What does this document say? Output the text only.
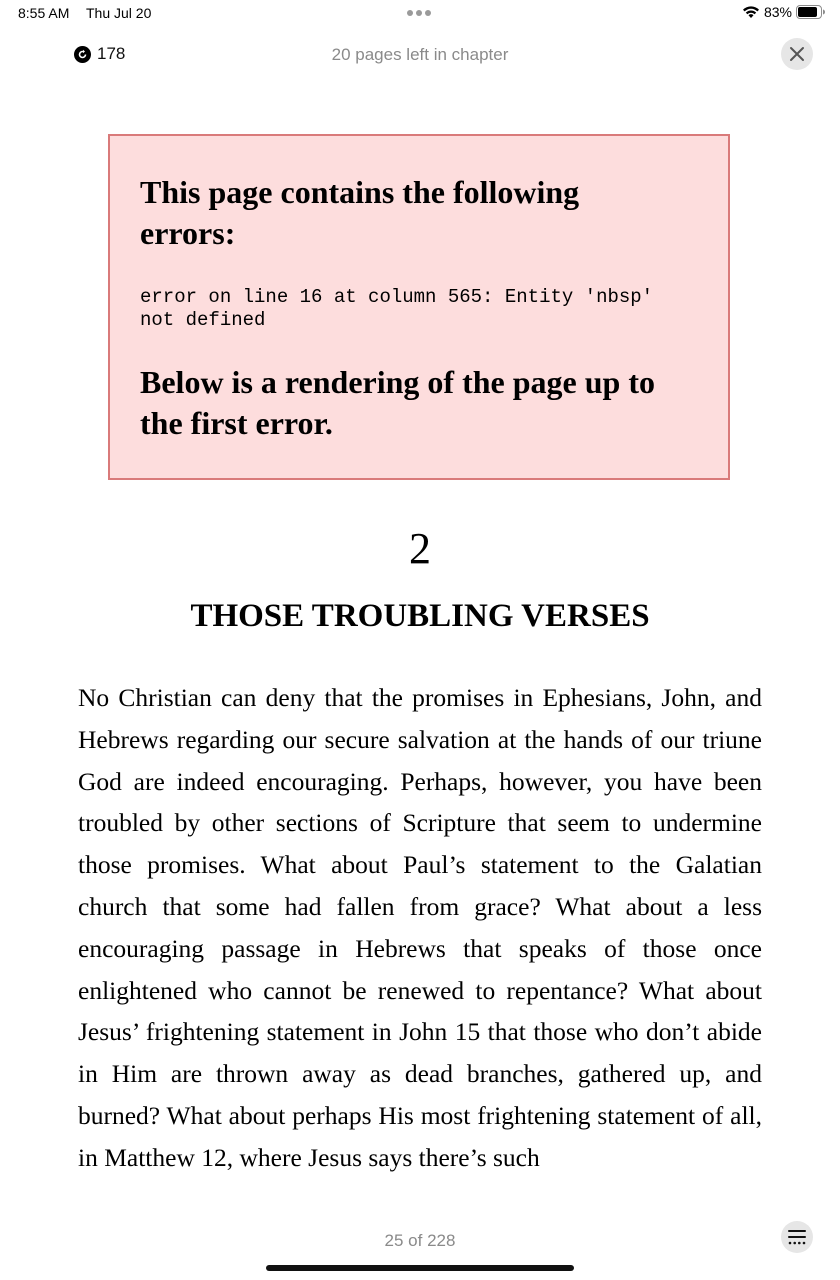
8:55 AM Thu Jul 20	83%
178	20 pages left in chapter
This page contains the following errors:
error on line 16 at column 565: Entity 'nbsp' not defined
Below is a rendering of the page up to the first error.
2
THOSE TROUBLING VERSES

No Christian can deny that the promises in Ephesians, John, and Hebrews regarding our secure salvation at the hands of our triune God are indeed encouraging. Perhaps, however, you have been troubled by other sections of Scripture that seem to undermine those promises. What about Paul’s statement to the Galatian church that some had fallen from grace? What about a less encouraging passage in Hebrews that speaks of those once enlightened who cannot be renewed to repentance? What about Jesus’ frightening statement in John 15 that those who don’t abide in Him are thrown away as dead branches, gathered up, and burned? What about perhaps His most frightening statement of all, in Matthew 12, where Jesus says there’s such

25 of 228
